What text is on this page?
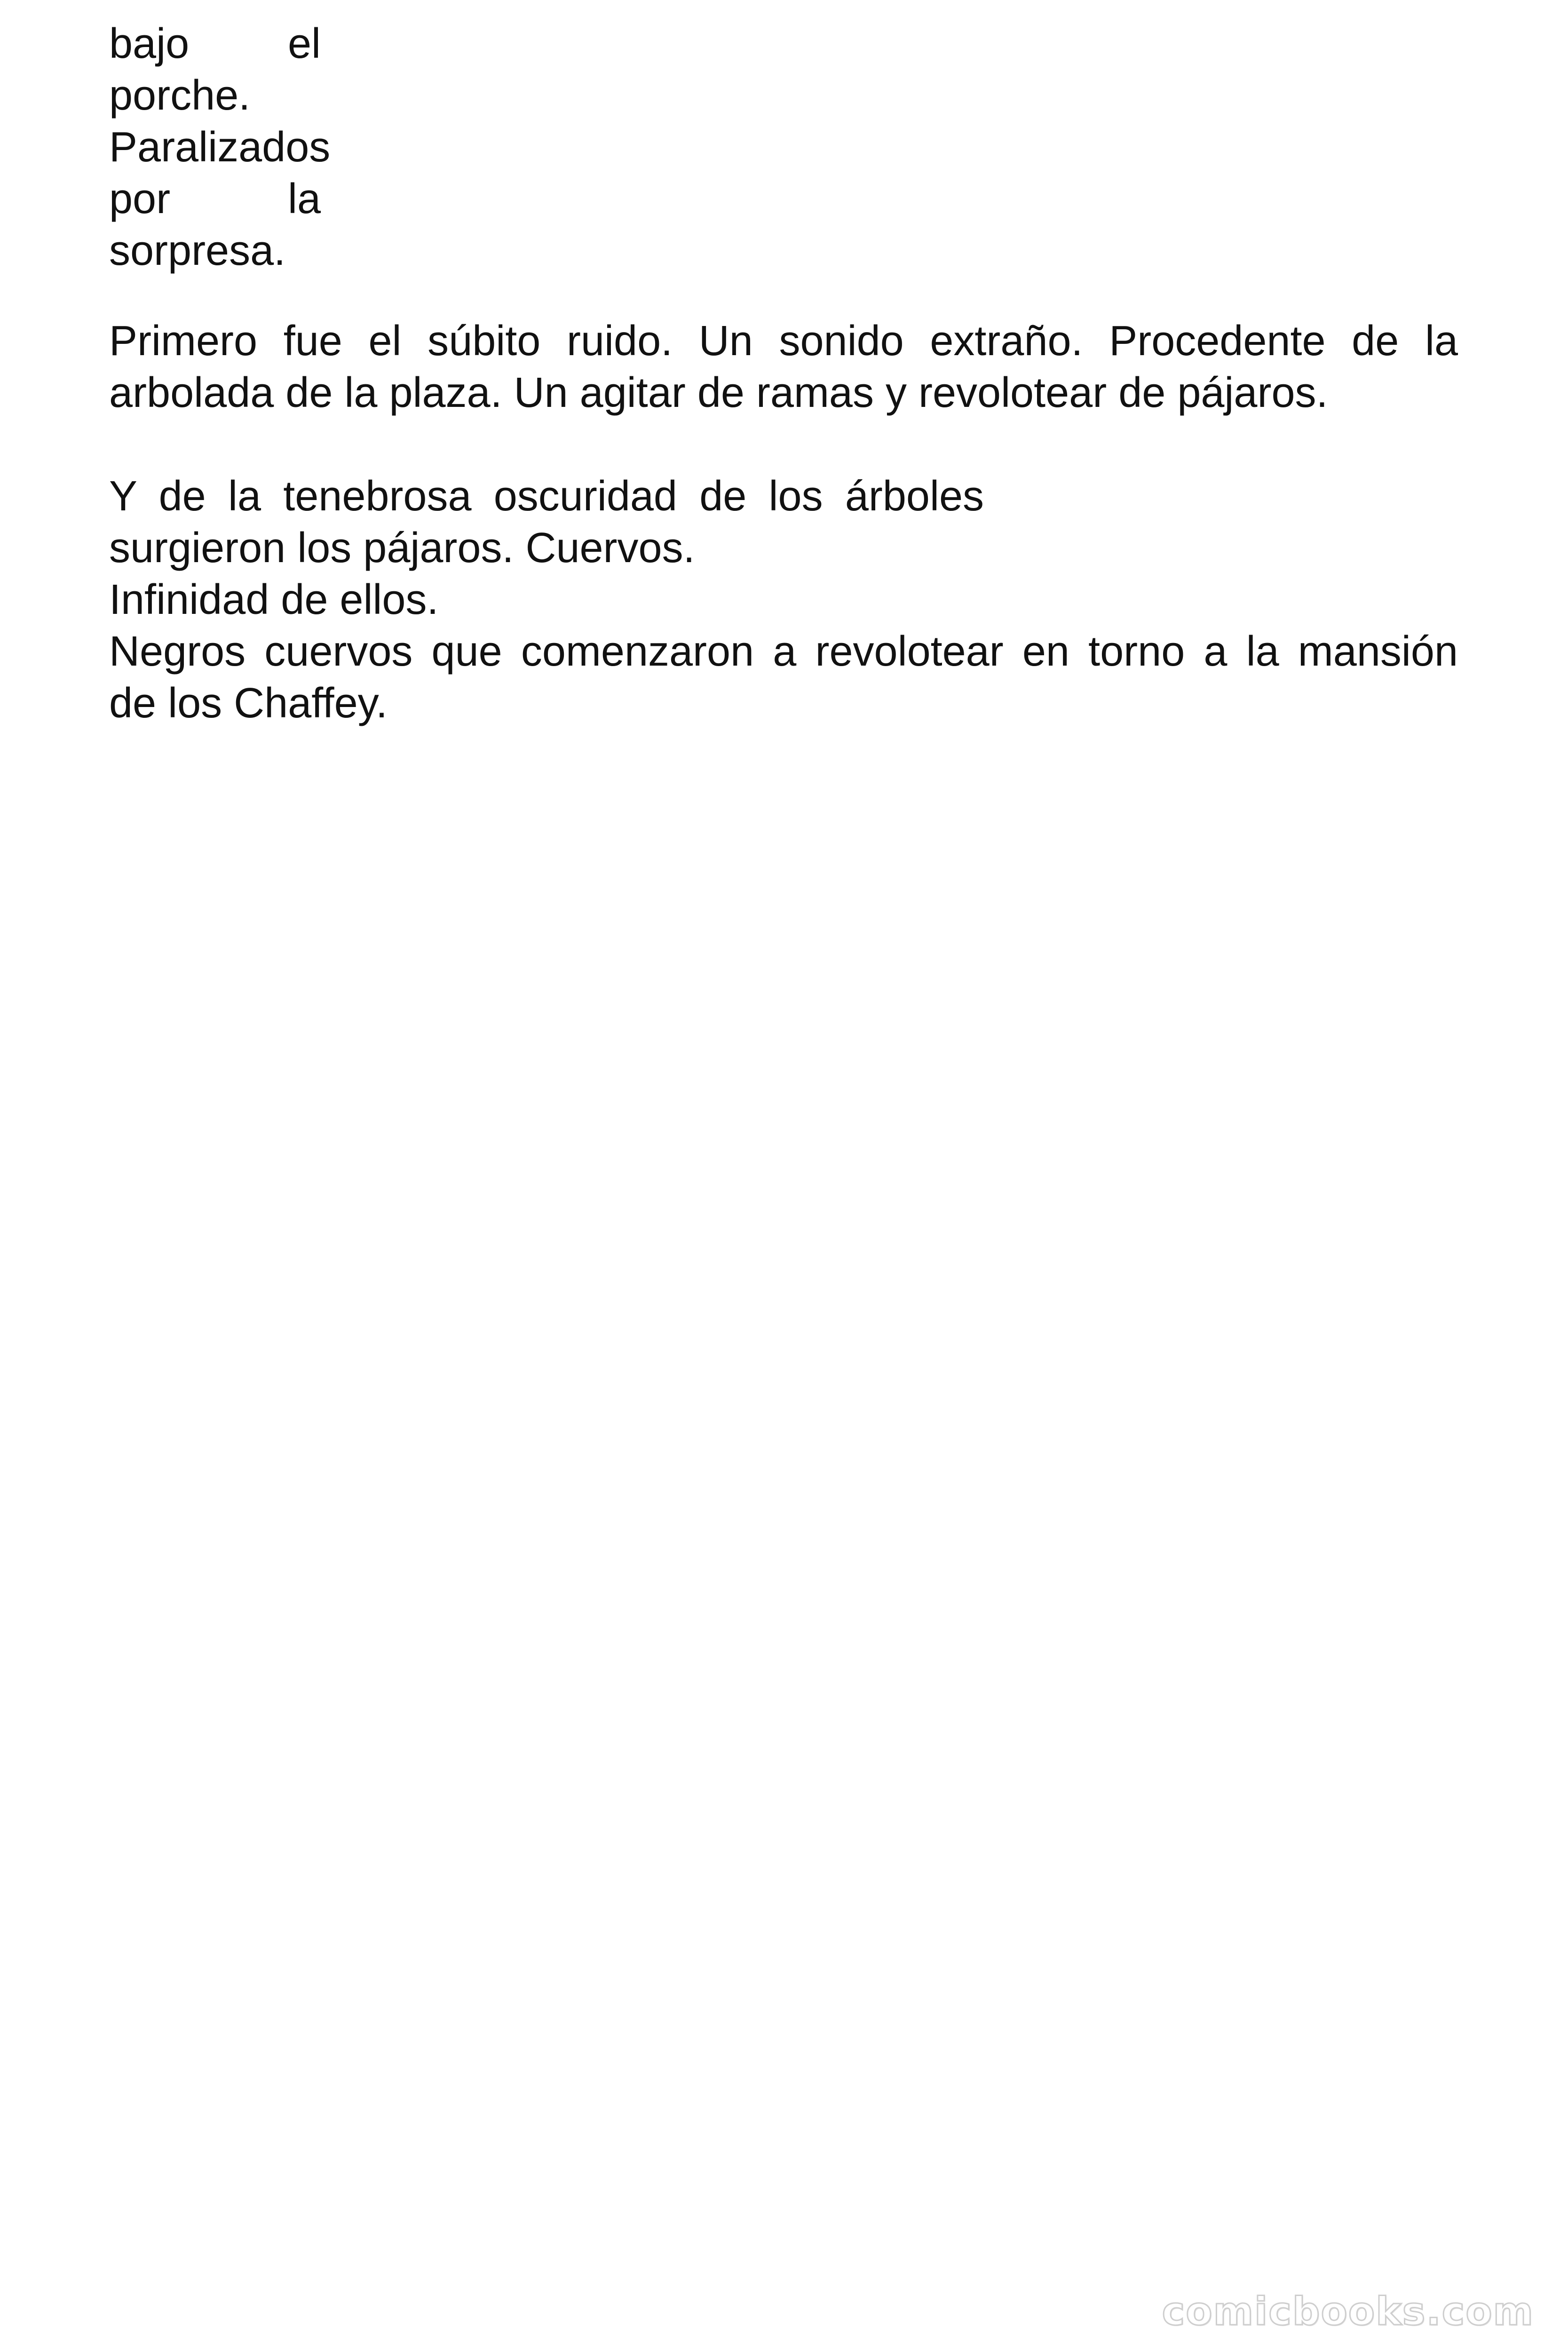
bajo el
porche.
Paralizados
por la
sorpresa.
Primero fue el súbito ruido. Un sonido extraño. Procedente de la
arbolada de la plaza. Un agitar de ramas y revolotear de pájaros.
Y de la tenebrosa oscuridad de los árboles
surgieron los pájaros. Cuervos.
Infinidad de ellos.
Negros cuervos que comenzaron a revolotear en torno a la mansión
de los Chaffey.
comicbooks.com
